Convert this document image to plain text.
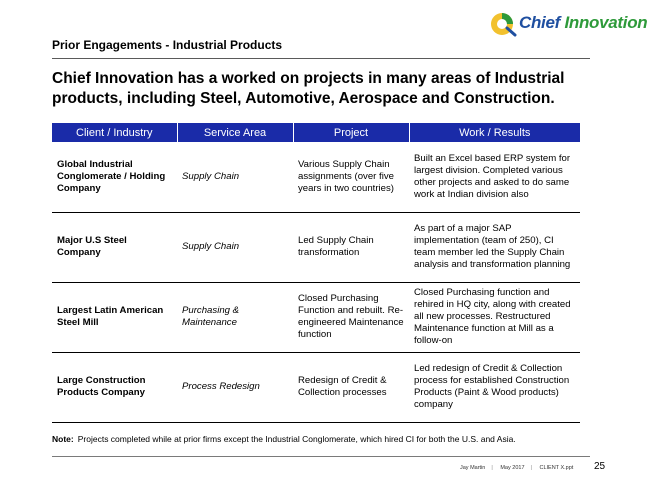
Chief Innovation
Prior Engagements - Industrial Products
Chief Innovation has a worked on projects in many areas of Industrial products, including Steel, Automotive, Aerospace and Construction.
Client / Industry	Service Area	Project	Work / Results
Global Industrial Conglomerate / Holding Company	Supply Chain	Various Supply Chain assignments (over five years in two countries)	Built an Excel based ERP system for largest division. Completed various other projects and asked to do same work at Indian division also
Major U.S Steel Company	Supply Chain	Led Supply Chain transformation	As part of a major SAP implementation (team of 250), CI team member led the Supply Chain analysis and transformation planning
Largest Latin American Steel Mill	Purchasing & Maintenance	Closed Purchasing Function and rebuilt. Re-engineered Maintenance function	Closed Purchasing function and rehired in HQ city, along with created all new processes. Restructured Maintenance function at Mill as a follow-on
Large Construction Products Company	Process Redesign	Redesign of Credit & Collection processes	Led redesign of Credit & Collection process for established Construction Products (Paint & Wood products) company
Note: Projects completed while at prior firms except the Industrial Conglomerate, which hired CI for both the U.S. and Asia.
Jay Martin | May 2017 | CLIENT X.ppt	25
